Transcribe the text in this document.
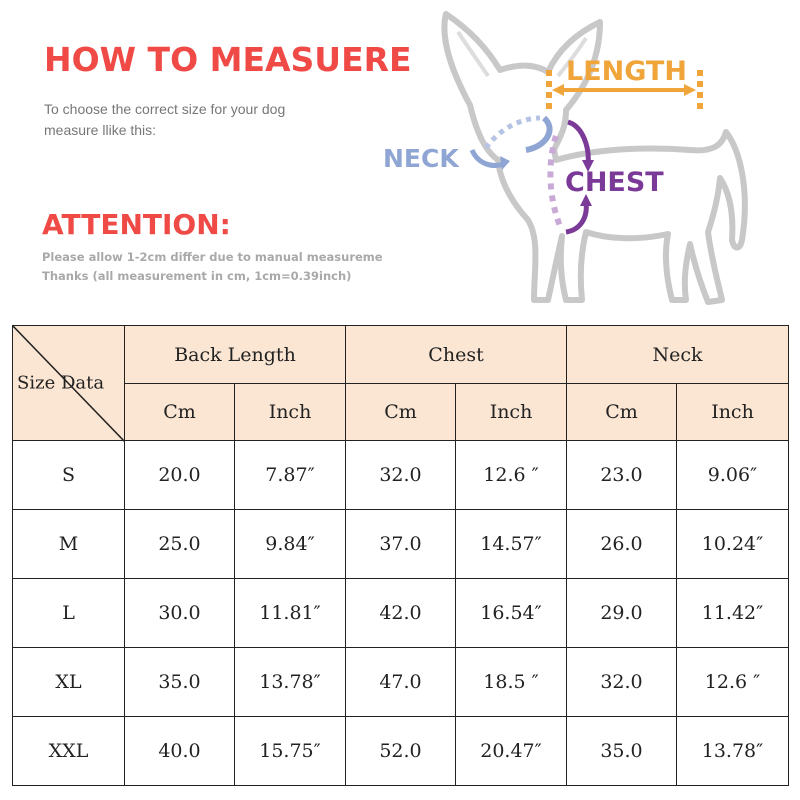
HOW TO MEASUERE
To choose the correct size for your dog
measure llike this:
ATTENTION:
Please allow 1-2cm differ due to manual measureme
Thanks (all measurement in cm, 1cm=0.39inch)
LENGTH
NECK
CHEST
Size Data	Back Length		Chest		Neck	
	Cm	Inch	Cm	Inch	Cm	Inch
S	20.0	7.87″	32.0	12.6 ″	23.0	9.06″
M	25.0	9.84″	37.0	14.57″	26.0	10.24″
L	30.0	11.81″	42.0	16.54″	29.0	11.42″
XL	35.0	13.78″	47.0	18.5 ″	32.0	12.6 ″
XXL	40.0	15.75″	52.0	20.47″	35.0	13.78″
